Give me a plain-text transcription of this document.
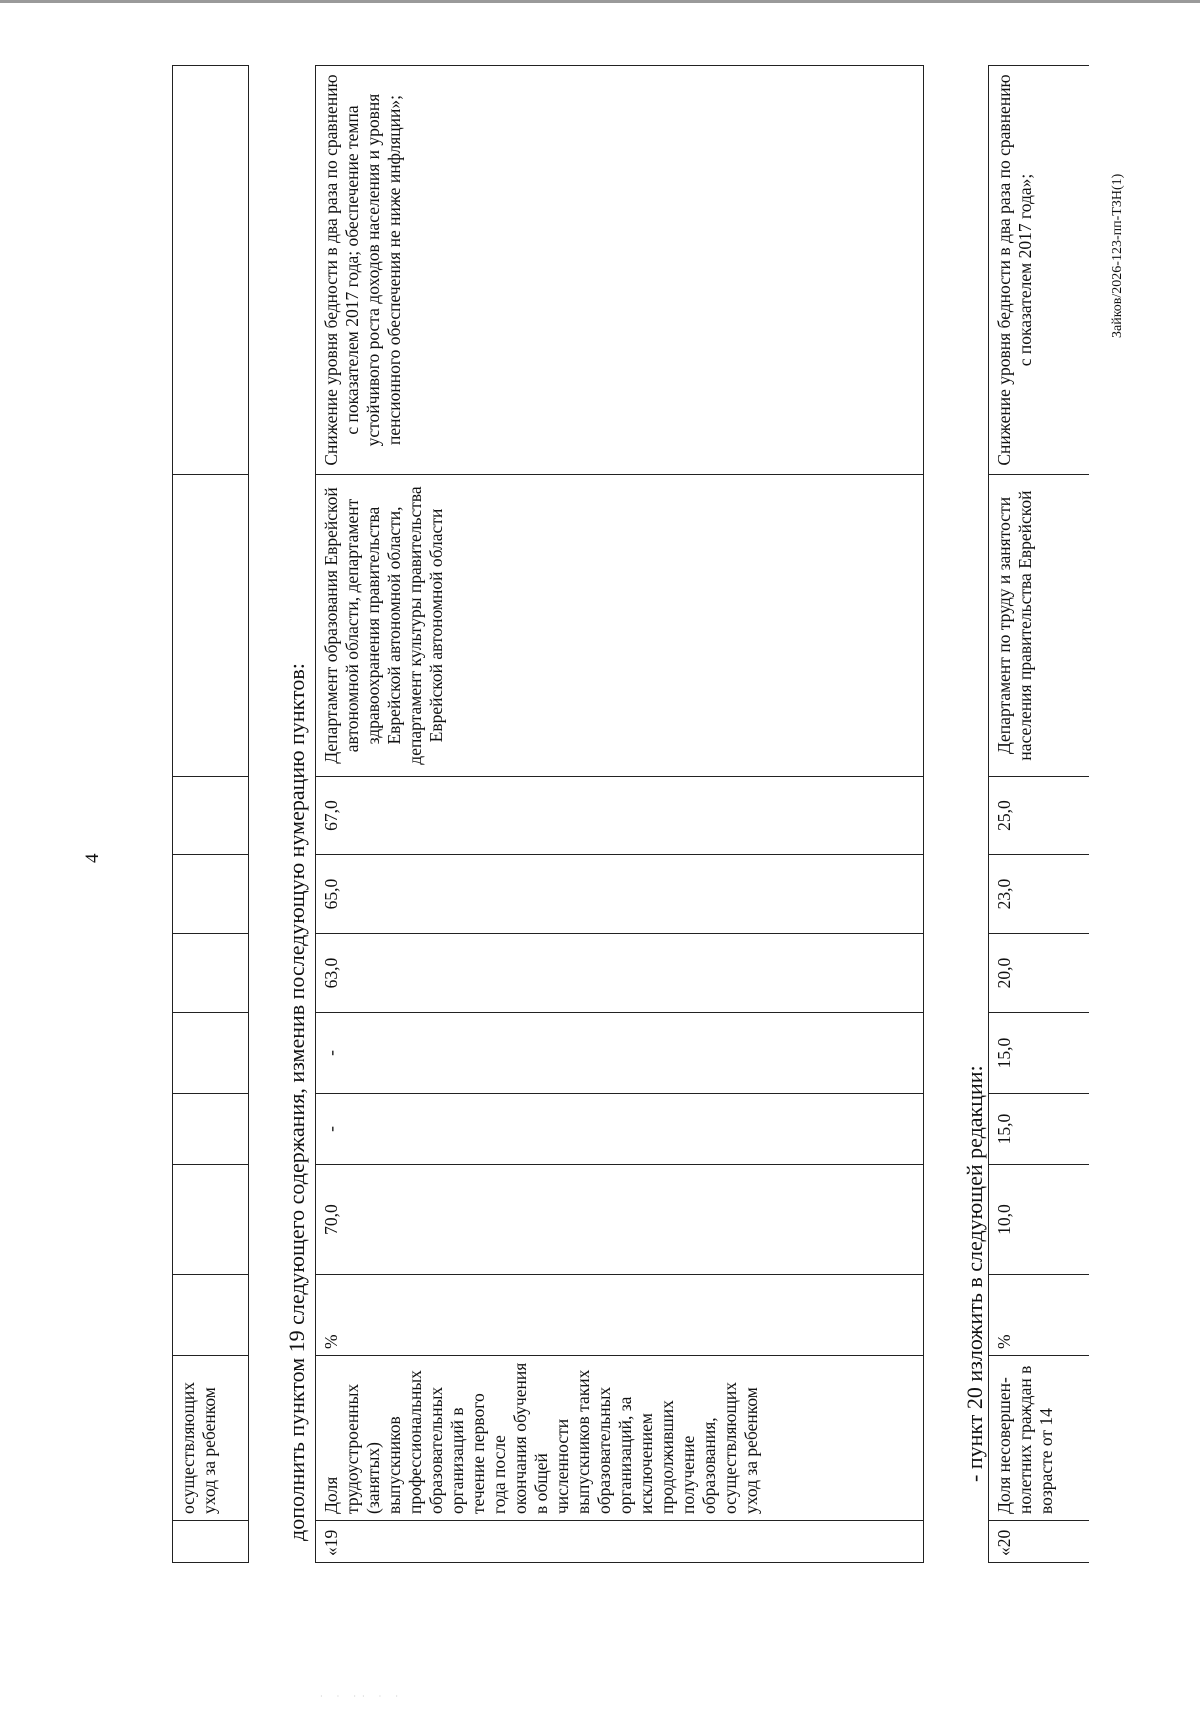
· · ·· · ·
4
осуществляющих уход за ребенком	дополнить пунктом 19 следующего содержания, изменив последующую нумерацию пунктов:
«19
Доля трудоустроенных (занятых) выпускников профессиональных образовательных организаций в течение первого года после окончания обучения в общей численности выпускников таких образовательных организаций, за исключением продолживших получение образования, осуществляющих уход за ребенком
%
70,0
-
-
63,0
65,0
67,0
Департамент образования Еврейской автономной области, департамент здравоохранения правительства Еврейской автономной области, департамент культуры правительства Еврейской автономной области
Снижение уровня бедности в два раза по сравнению с показателем 2017 года; обеспечение темпа устойчивого роста доходов населения и уровня пенсионного обеспечения не ниже инфляции»;
- пункт 20 изложить в следующей редакции:
«20
Доля несовершен-нолетних граждан в возрасте от 14
%
10,0
15,0
15,0
20,0
23,0
25,0
Департамент по труду и занятости населения правительства Еврейской
Снижение уровня бедности в два раза по сравнению с показателем 2017 года»;	Зайков/2026-123-пп-ТЗН(1)
